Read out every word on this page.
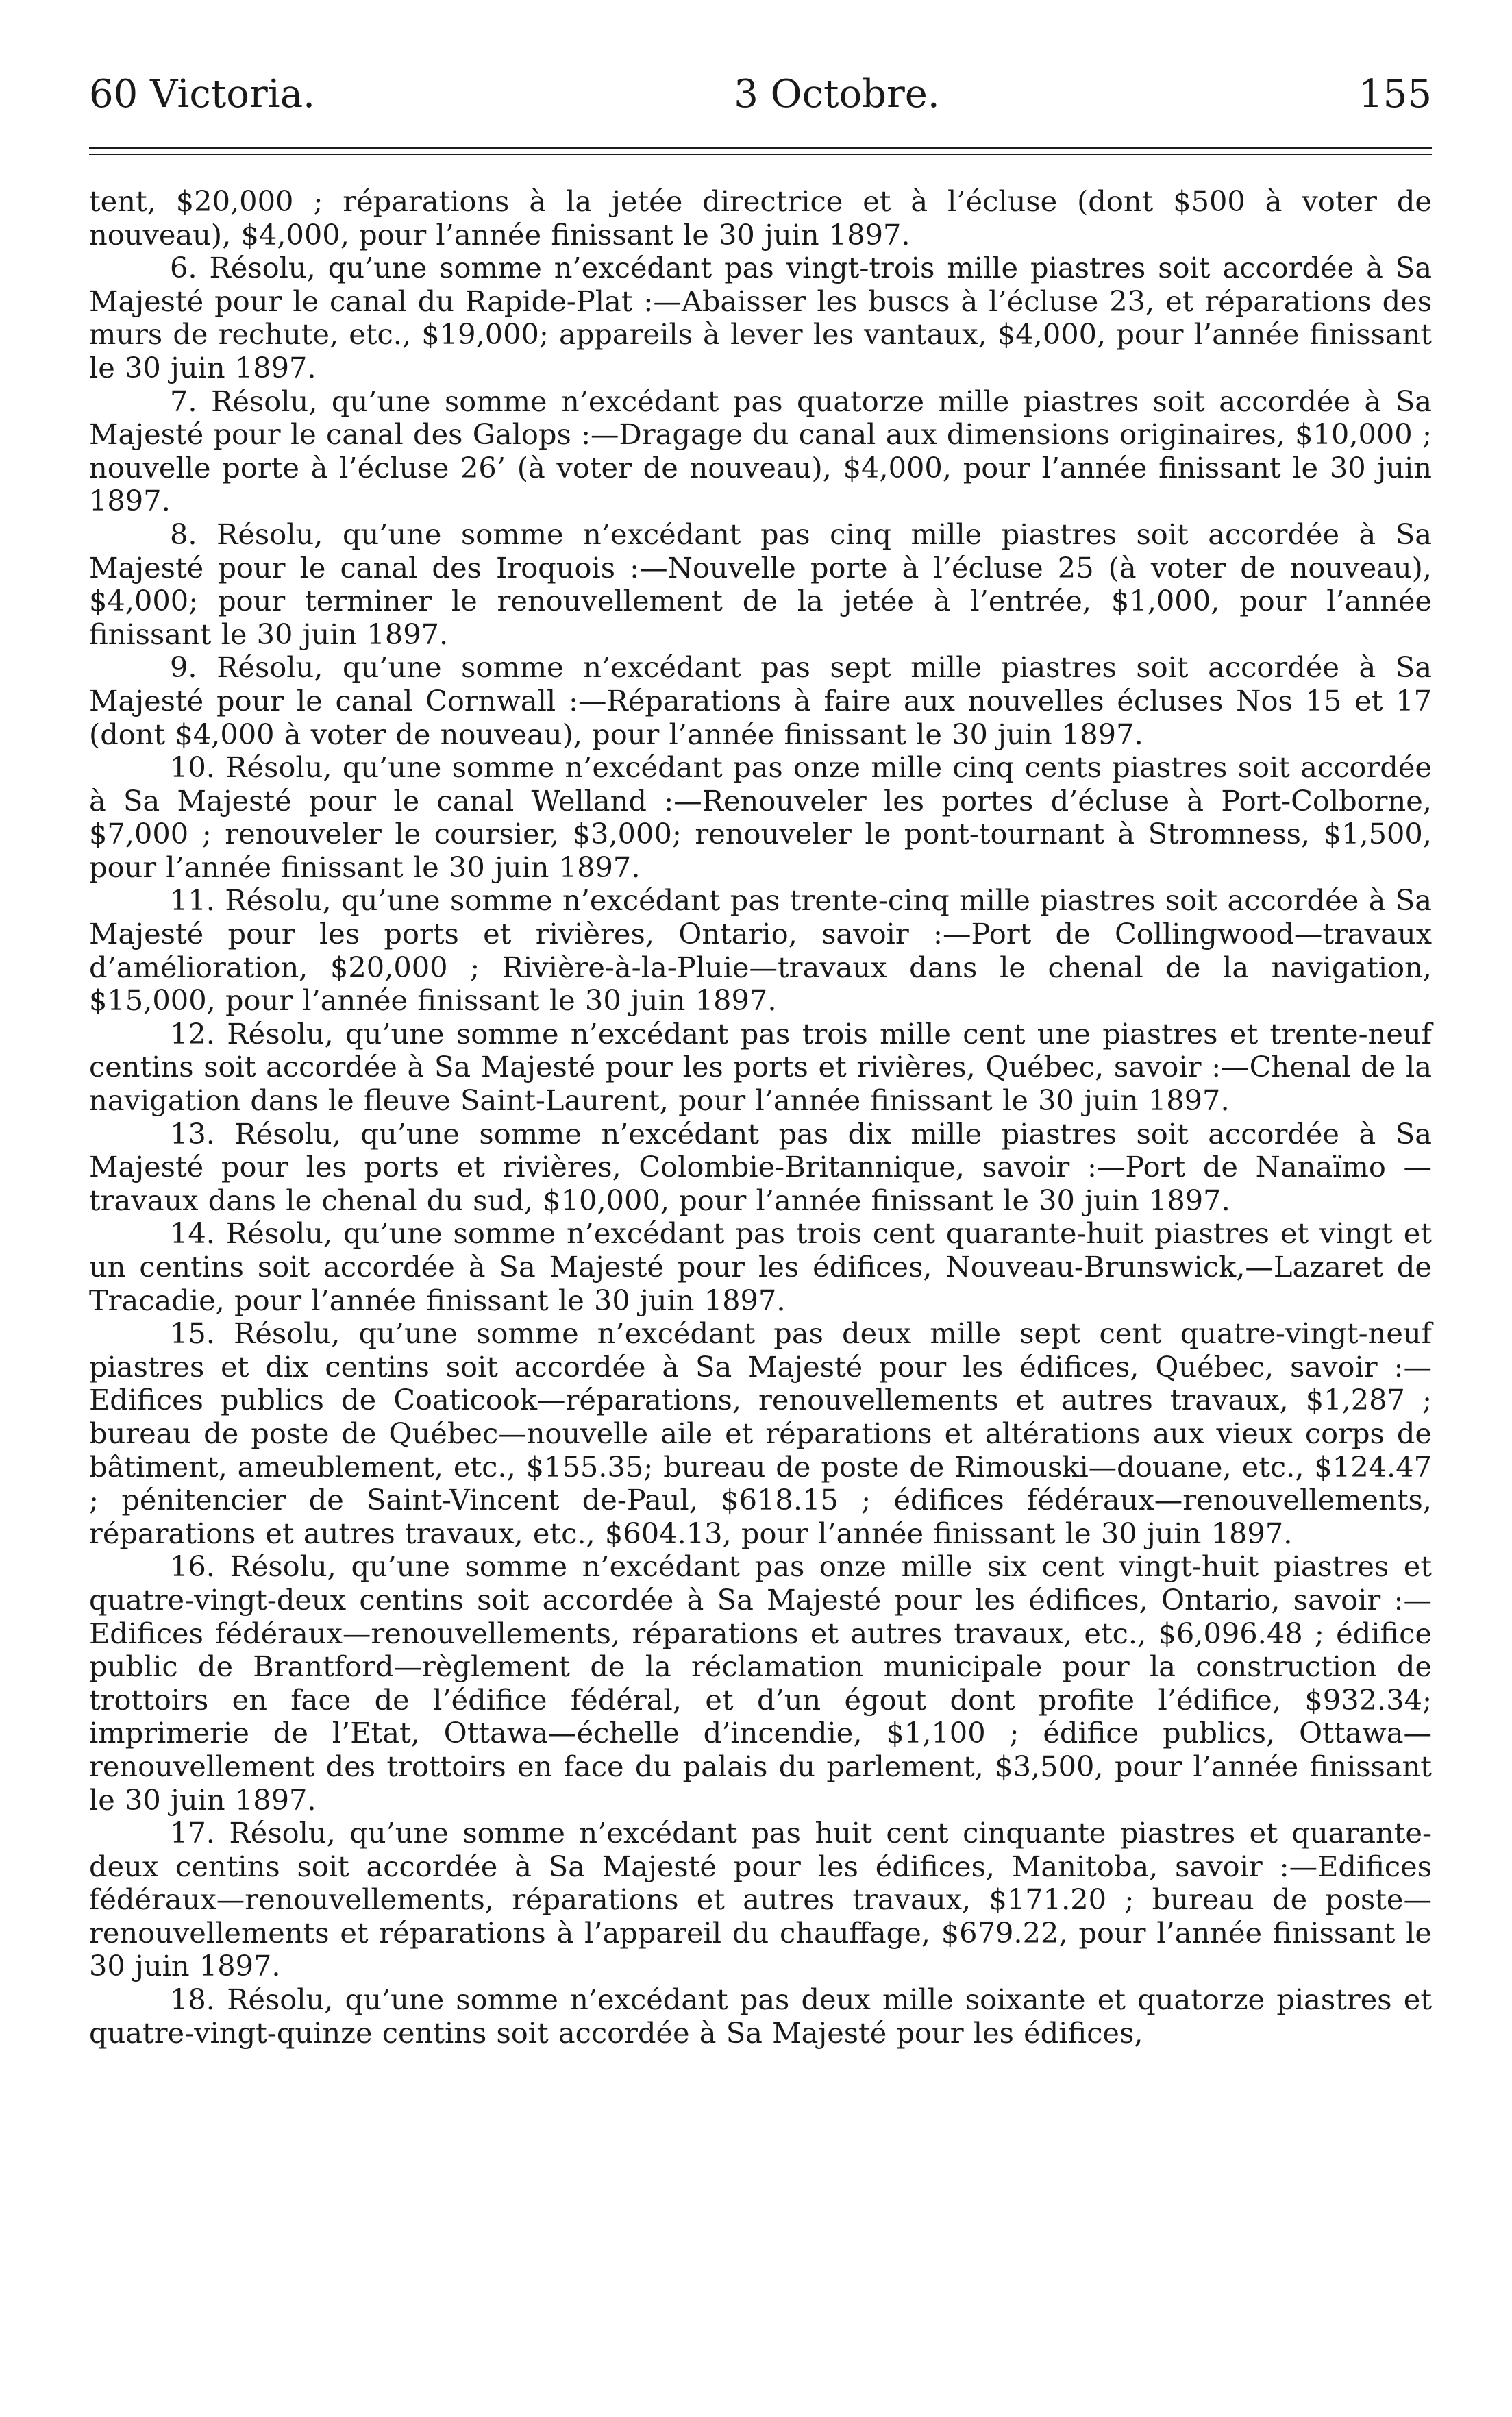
60 Victoria.	3 Octobre.	155

tent, $20,000 ; réparations à la jetée directrice et à l’écluse (dont $500 à voter de nouveau), $4,000, pour l’année finissant le 30 juin 1897.

6. Résolu, qu’une somme n’excédant pas vingt-trois mille piastres soit accordée à Sa Majesté pour le canal du Rapide-Plat :—Abaisser les buscs à l’écluse 23, et réparations des murs de rechute, etc., $19,000; appareils à lever les vantaux, $4,000, pour l’année finissant le 30 juin 1897.

7. Résolu, qu’une somme n’excédant pas quatorze mille piastres soit accordée à Sa Majesté pour le canal des Galops :—Dragage du canal aux dimensions originaires, $10,000 ; nouvelle porte à l’écluse 26’ (à voter de nouveau), $4,000, pour l’année finissant le 30 juin 1897.

8. Résolu, qu’une somme n’excédant pas cinq mille piastres soit accordée à Sa Majesté pour le canal des Iroquois :—Nouvelle porte à l’écluse 25 (à voter de nouveau), $4,000; pour terminer le renouvellement de la jetée à l’entrée, $1,000, pour l’année finissant le 30 juin 1897.

9. Résolu, qu’une somme n’excédant pas sept mille piastres soit accordée à Sa Majesté pour le canal Cornwall :—Réparations à faire aux nouvelles écluses Nos 15 et 17 (dont $4,000 à voter de nouveau), pour l’année finissant le 30 juin 1897.

10. Résolu, qu’une somme n’excédant pas onze mille cinq cents piastres soit accordée à Sa Majesté pour le canal Welland :—Renouveler les portes d’écluse à Port-Colborne, $7,000 ; renouveler le coursier, $3,000; renouveler le pont-tournant à Stromness, $1,500, pour l’année finissant le 30 juin 1897.

11. Résolu, qu’une somme n’excédant pas trente-cinq mille piastres soit accordée à Sa Majesté pour les ports et rivières, Ontario, savoir :—Port de Collingwood—travaux d’amélioration, $20,000 ; Rivière-à-la-Pluie—travaux dans le chenal de la navigation, $15,000, pour l’année finissant le 30 juin 1897.

12. Résolu, qu’une somme n’excédant pas trois mille cent une piastres et trente-neuf centins soit accordée à Sa Majesté pour les ports et rivières, Québec, savoir :—Chenal de la navigation dans le fleuve Saint-Laurent, pour l’année finissant le 30 juin 1897.

13. Résolu, qu’une somme n’excédant pas dix mille piastres soit accordée à Sa Majesté pour les ports et rivières, Colombie-Britannique, savoir :—Port de Nanaïmo —travaux dans le chenal du sud, $10,000, pour l’année finissant le 30 juin 1897.

14. Résolu, qu’une somme n’excédant pas trois cent quarante-huit piastres et vingt et un centins soit accordée à Sa Majesté pour les édifices, Nouveau-Brunswick,—Lazaret de Tracadie, pour l’année finissant le 30 juin 1897.

15. Résolu, qu’une somme n’excédant pas deux mille sept cent quatre-vingt-neuf piastres et dix centins soit accordée à Sa Majesté pour les édifices, Québec, savoir :—Edifices publics de Coaticook—réparations, renouvellements et autres travaux, $1,287 ; bureau de poste de Québec—nouvelle aile et réparations et altérations aux vieux corps de bâtiment, ameublement, etc., $155.35; bureau de poste de Rimouski—douane, etc., $124.47 ; pénitencier de Saint-Vincent de-Paul, $618.15 ; édifices fédéraux—renouvellements, réparations et autres travaux, etc., $604.13, pour l’année finissant le 30 juin 1897.

16. Résolu, qu’une somme n’excédant pas onze mille six cent vingt-huit piastres et quatre-vingt-deux centins soit accordée à Sa Majesté pour les édifices, Ontario, savoir :—Edifices fédéraux—renouvellements, réparations et autres travaux, etc., $6,096.48 ; édifice public de Brantford—règlement de la réclamation municipale pour la construction de trottoirs en face de l’édifice fédéral, et d’un égout dont profite l’édifice, $932.34; imprimerie de l’Etat, Ottawa—échelle d’incendie, $1,100 ; édifice publics, Ottawa—renouvellement des trottoirs en face du palais du parlement, $3,500, pour l’année finissant le 30 juin 1897.

17. Résolu, qu’une somme n’excédant pas huit cent cinquante piastres et quarante-deux centins soit accordée à Sa Majesté pour les édifices, Manitoba, savoir :—Edifices fédéraux—renouvellements, réparations et autres travaux, $171.20 ; bureau de poste—renouvellements et réparations à l’appareil du chauffage, $679.22, pour l’année finissant le 30 juin 1897.

18. Résolu, qu’une somme n’excédant pas deux mille soixante et quatorze piastres et quatre-vingt-quinze centins soit accordée à Sa Majesté pour les édifices,
